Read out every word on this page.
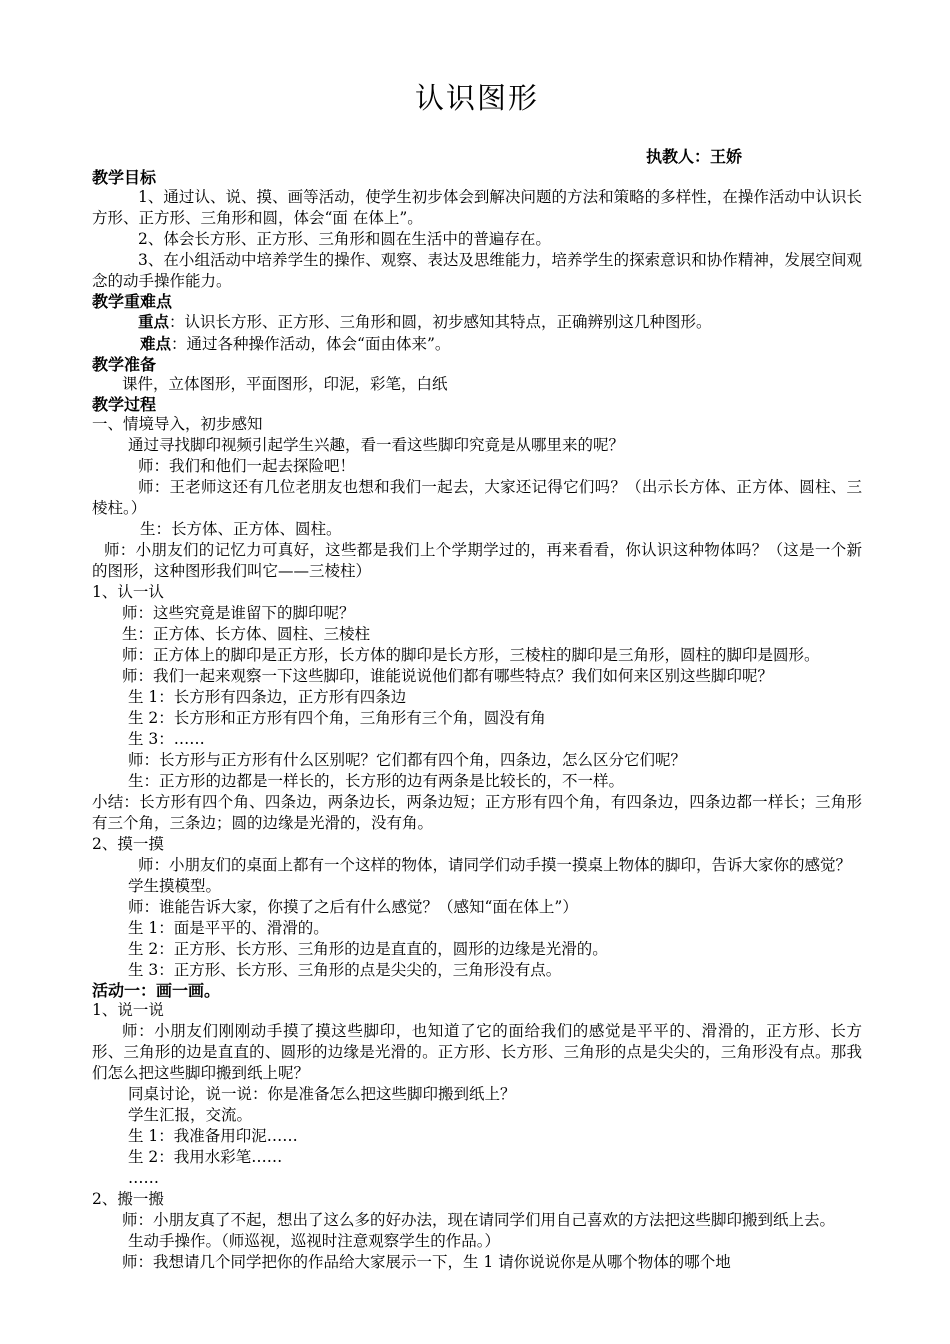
认识图形
执教人：王娇
教学目标
1、通过认、说、摸、画等活动，使学生初步体会到解决问题的方法和策略的多样性，在操作活动中认识长方形、正方形、三角形和圆，体会“面 在体上”。
2、体会长方形、正方形、三角形和圆在生活中的普遍存在。
3、在小组活动中培养学生的操作、观察、表达及思维能力，培养学生的探索意识和协作精神，发展空间观念的动手操作能力。
教学重难点
重点：认识长方形、正方形、三角形和圆，初步感知其特点，正确辨别这几种图形。
难点：通过各种操作活动，体会“面由体来”。
教学准备
课件，立体图形，平面图形，印泥，彩笔，白纸
教学过程
一、情境导入，初步感知
通过寻找脚印视频引起学生兴趣，看一看这些脚印究竟是从哪里来的呢？
师：我们和他们一起去探险吧！
师：王老师这还有几位老朋友也想和我们一起去，大家还记得它们吗？（出示长方体、正方体、圆柱、三棱柱。）
生：长方体、正方体、圆柱。
师：小朋友们的记忆力可真好，这些都是我们上个学期学过的，再来看看，你认识这种物体吗？（这是一个新的图形，这种图形我们叫它——三棱柱）
1、认一认
师：这些究竟是谁留下的脚印呢？
生：正方体、长方体、圆柱、三棱柱
师：正方体上的脚印是正方形，长方体的脚印是长方形，三棱柱的脚印是三角形，圆柱的脚印是圆形。
师：我们一起来观察一下这些脚印，谁能说说他们都有哪些特点？我们如何来区别这些脚印呢？
生 1：长方形有四条边，正方形有四条边
生 2：长方形和正方形有四个角，三角形有三个角，圆没有角
生 3：……
师：长方形与正方形有什么区别呢？它们都有四个角，四条边，怎么区分它们呢？
生：正方形的边都是一样长的，长方形的边有两条是比较长的，不一样。
小结：长方形有四个角、四条边，两条边长，两条边短；正方形有四个角，有四条边，四条边都一样长；三角形有三个角，三条边；圆的边缘是光滑的，没有角。
2、摸一摸
师：小朋友们的桌面上都有一个这样的物体，请同学们动手摸一摸桌上物体的脚印，告诉大家你的感觉？
学生摸模型。
师：谁能告诉大家，你摸了之后有什么感觉？（感知“面在体上”）
生 1：面是平平的、滑滑的。
生 2：正方形、长方形、三角形的边是直直的，圆形的边缘是光滑的。
生 3：正方形、长方形、三角形的点是尖尖的，三角形没有点。
活动一：画一画。
1、说一说
师：小朋友们刚刚动手摸了摸这些脚印，也知道了它的面给我们的感觉是平平的、滑滑的，正方形、长方形、三角形的边是直直的、圆形的边缘是光滑的。正方形、长方形、三角形的点是尖尖的，三角形没有点。那我们怎么把这些脚印搬到纸上呢？
同桌讨论，说一说：你是准备怎么把这些脚印搬到纸上？
学生汇报，交流。
生 1：我准备用印泥……
生 2：我用水彩笔……
……
2、搬一搬
师：小朋友真了不起，想出了这么多的好办法，现在请同学们用自己喜欢的方法把这些脚印搬到纸上去。
生动手操作。（师巡视，巡视时注意观察学生的作品。）
师：我想请几个同学把你的作品给大家展示一下，生 1 请你说说你是从哪个物体的哪个地
